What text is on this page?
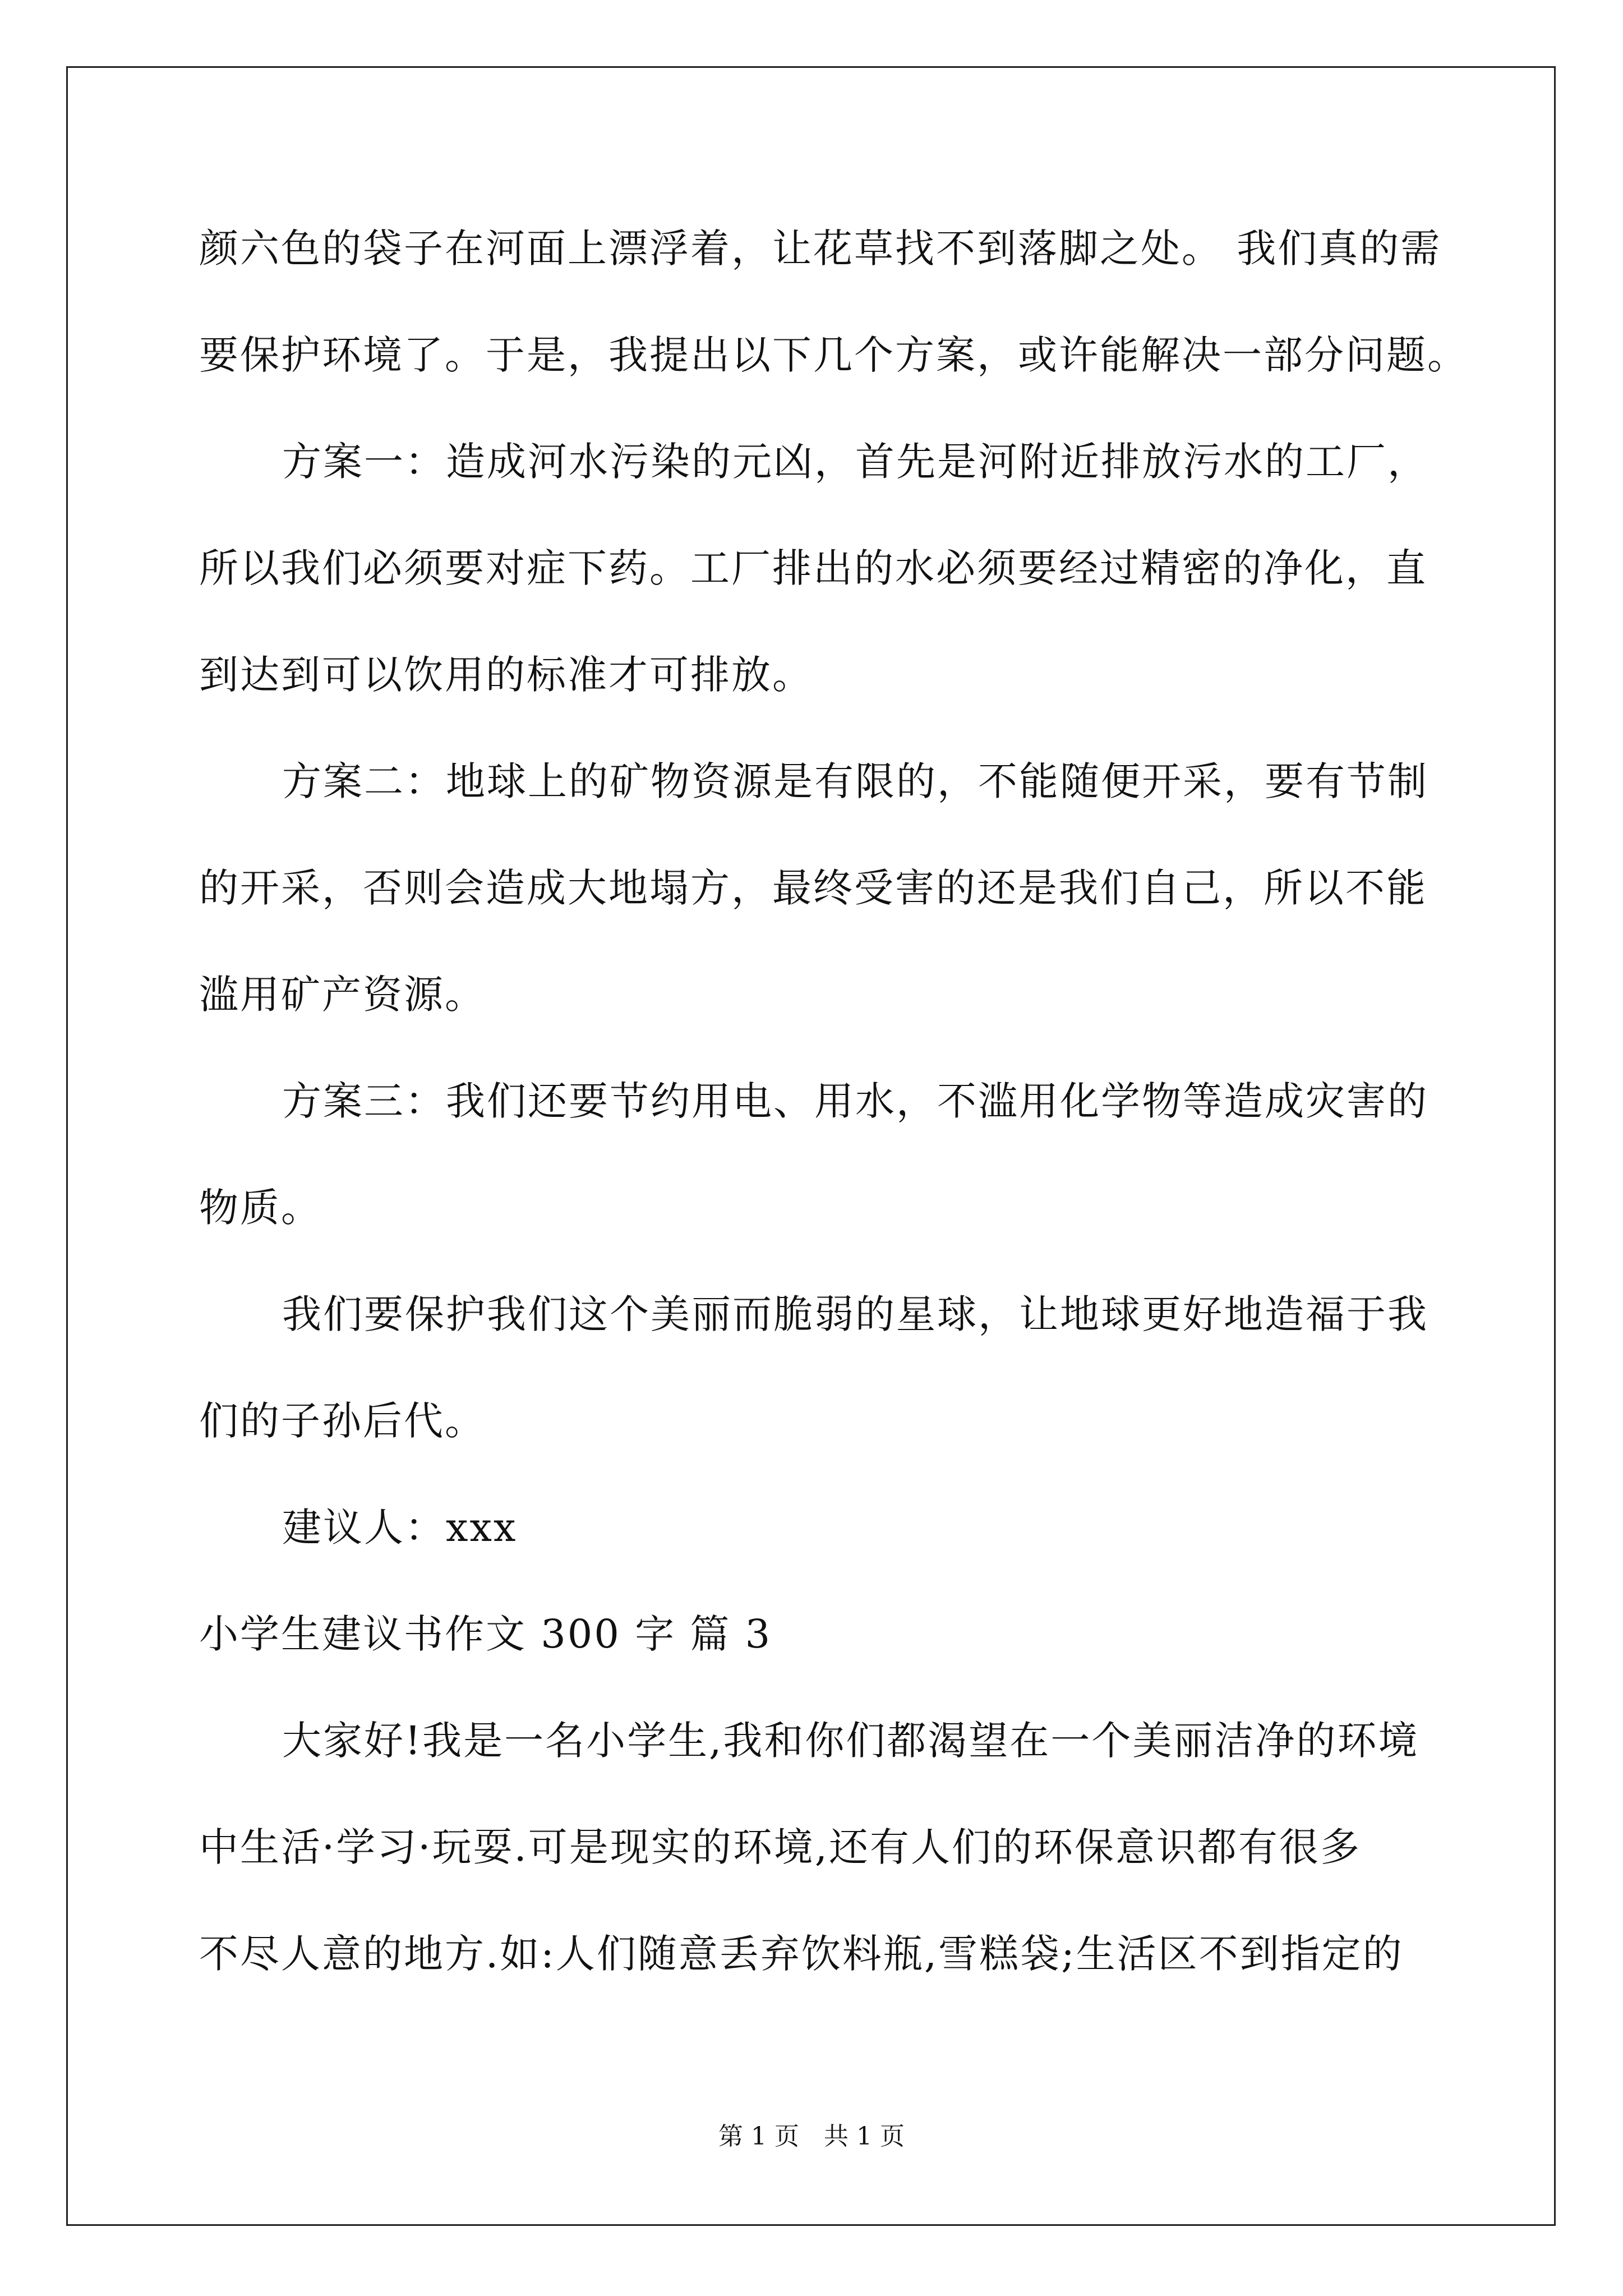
颜六色的袋子在河面上漂浮着，让花草找不到落脚之处。 我们真的需
要保护环境了。于是，我提出以下几个方案，或许能解决一部分问题。
方案一：造成河水污染的元凶，首先是河附近排放污水的工厂，
所以我们必须要对症下药。工厂排出的水必须要经过精密的净化，直
到达到可以饮用的标准才可排放。
方案二：地球上的矿物资源是有限的，不能随便开采，要有节制
的开采，否则会造成大地塌方，最终受害的还是我们自己，所以不能
滥用矿产资源。
方案三：我们还要节约用电、用水，不滥用化学物等造成灾害的
物质。
我们要保护我们这个美丽而脆弱的星球，让地球更好地造福于我
们的子孙后代。
建议人：xxx
小学生建议书作文 300 字 篇 3
大家好!我是一名小学生,我和你们都渴望在一个美丽洁净的环境
中生活·学习·玩耍.可是现实的环境,还有人们的环保意识都有很多
不尽人意的地方.如:人们随意丢弃饮料瓶,雪糕袋;生活区不到指定的
第 1 页　共 1 页
